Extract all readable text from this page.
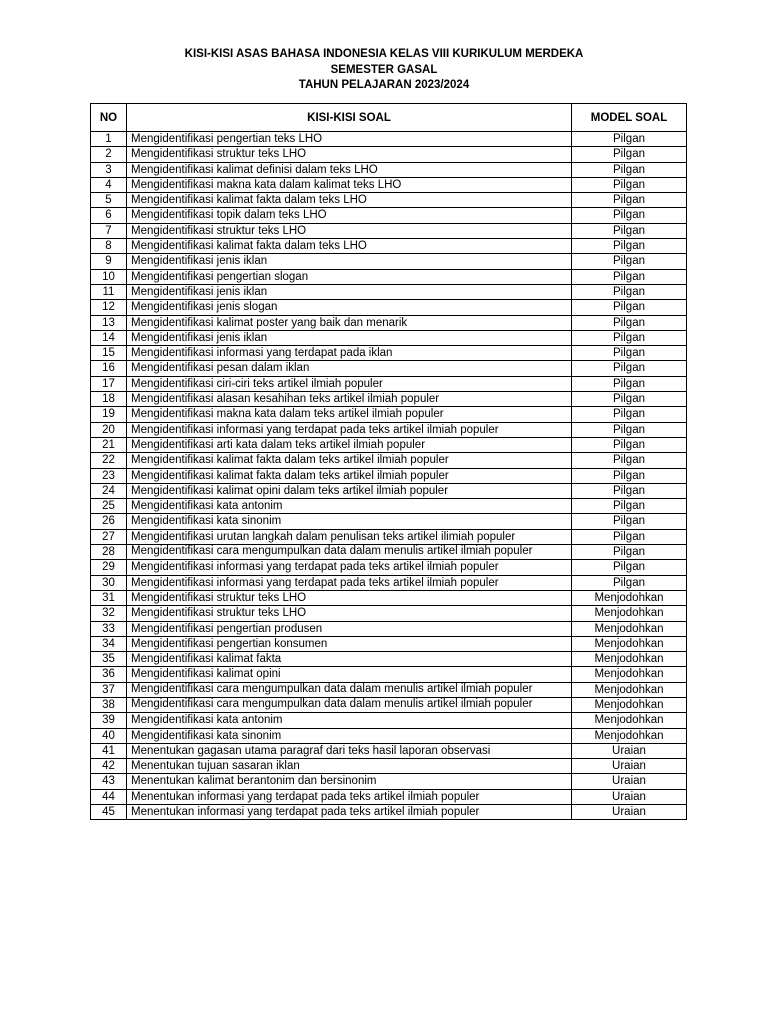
KISI-KISI ASAS BAHASA INDONESIA KELAS VIII KURIKULUM MERDEKA
SEMESTER GASAL
TAHUN PELAJARAN 2023/2024
NO	KISI-KISI SOAL	MODEL SOAL
1	Mengidentifikasi pengertian teks LHO	Pilgan
2	Mengidentifikasi struktur teks LHO	Pilgan
3	Mengidentifikasi kalimat definisi dalam teks LHO	Pilgan
4	Mengidentifikasi makna kata dalam kalimat teks LHO	Pilgan
5	Mengidentifikasi kalimat fakta dalam teks LHO	Pilgan
6	Mengidentifikasi topik dalam teks LHO	Pilgan
7	Mengidentifikasi struktur teks LHO	Pilgan
8	Mengidentifikasi kalimat fakta dalam teks LHO	Pilgan
9	Mengidentifikasi jenis iklan	Pilgan
10	Mengidentifikasi pengertian slogan	Pilgan
11	Mengidentifikasi jenis iklan	Pilgan
12	Mengidentifikasi jenis slogan	Pilgan
13	Mengidentifikasi kalimat poster yang baik dan menarik	Pilgan
14	Mengidentifikasi jenis iklan	Pilgan
15	Mengidentifikasi informasi yang terdapat pada iklan	Pilgan
16	Mengidentifikasi pesan dalam iklan	Pilgan
17	Mengidentifikasi ciri-ciri teks artikel ilmiah populer	Pilgan
18	Mengidentifikasi alasan kesahihan teks artikel ilmiah populer	Pilgan
19	Mengidentifikasi makna kata dalam teks artikel ilmiah populer	Pilgan
20	Mengidentifikasi informasi yang terdapat pada teks artikel ilmiah populer	Pilgan
21	Mengidentifikasi arti kata dalam teks artikel ilmiah populer	Pilgan
22	Mengidentifikasi kalimat fakta dalam teks artikel ilmiah populer	Pilgan
23	Mengidentifikasi kalimat fakta dalam teks artikel ilmiah populer	Pilgan
24	Mengidentifikasi kalimat opini dalam teks artikel ilmiah populer	Pilgan
25	Mengidentifikasi kata antonim	Pilgan
26	Mengidentifikasi kata sinonim	Pilgan
27	Mengidentifikasi urutan langkah dalam penulisan teks artikel ilimiah populer	Pilgan
28	Mengidentifikasi cara mengumpulkan data dalam menulis artikel ilmiah populer	Pilgan
29	Mengidentifikasi informasi yang terdapat pada teks artikel ilmiah populer	Pilgan
30	Mengidentifikasi informasi yang terdapat pada teks artikel ilmiah populer	Pilgan
31	Mengidentifikasi struktur teks LHO	Menjodohkan
32	Mengidentifikasi struktur teks LHO	Menjodohkan
33	Mengidentifikasi pengertian produsen	Menjodohkan
34	Mengidentifikasi pengertian konsumen	Menjodohkan
35	Mengidentifikasi kalimat fakta	Menjodohkan
36	Mengidentifikasi kalimat opini	Menjodohkan
37	Mengidentifikasi cara mengumpulkan data dalam menulis artikel ilmiah populer	Menjodohkan
38	Mengidentifikasi cara mengumpulkan data dalam menulis artikel ilmiah populer	Menjodohkan
39	Mengidentifikasi kata antonim	Menjodohkan
40	Mengidentifikasi kata sinonim	Menjodohkan
41	Menentukan gagasan utama paragraf dari teks hasil laporan observasi	Uraian
42	Menentukan tujuan sasaran iklan	Uraian
43	Menentukan kalimat berantonim dan bersinonim	Uraian
44	Menentukan informasi yang terdapat pada teks artikel ilmiah populer	Uraian
45	Menentukan informasi yang terdapat pada teks artikel ilmiah populer	Uraian
